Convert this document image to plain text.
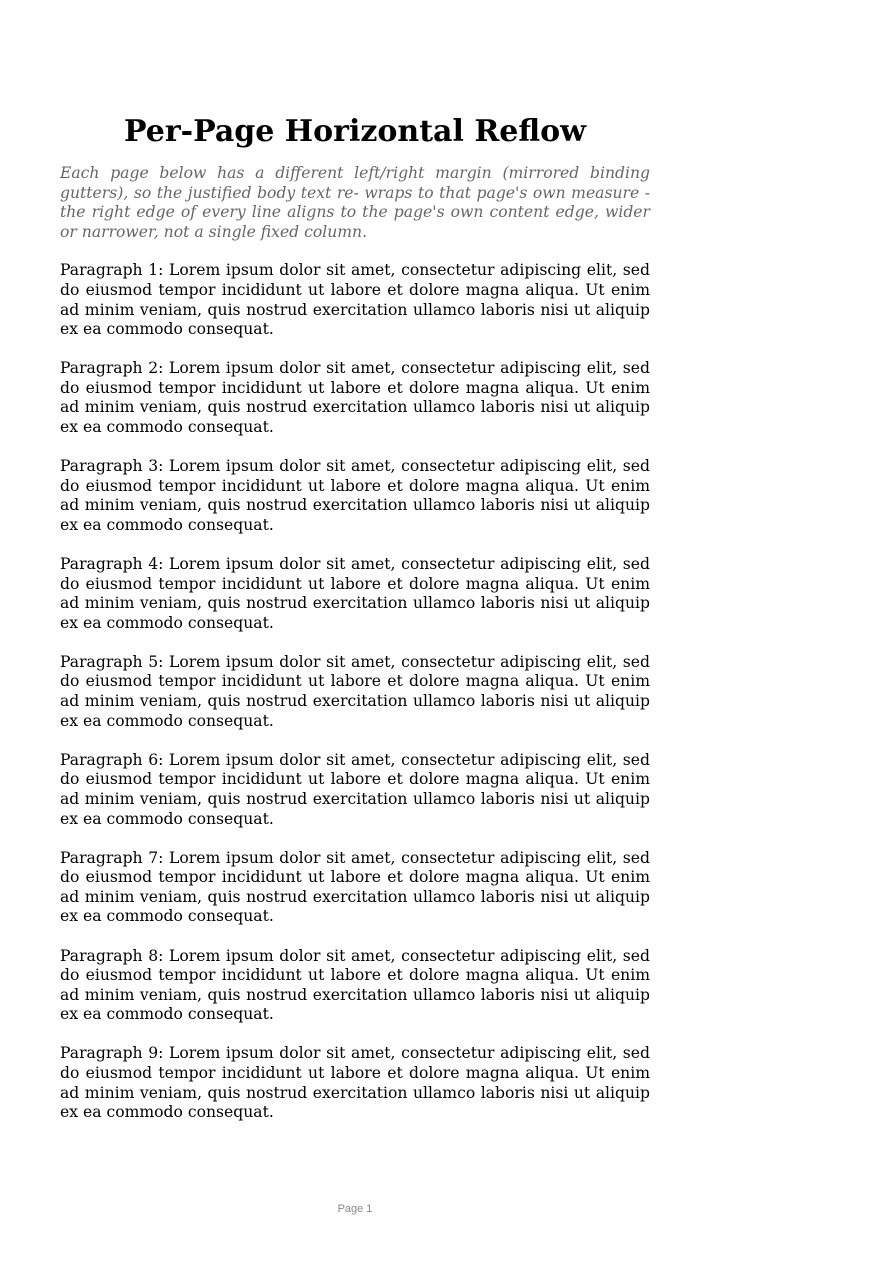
Per-Page Horizontal Reflow

Each page below has a different left/right margin (mirrored binding gutters), so the justified body text re- wraps to that page's own measure - the right edge of every line aligns to the page's own content edge, wider or narrower, not a single fixed column.

Paragraph 1: Lorem ipsum dolor sit amet, consectetur adipiscing elit, sed do eiusmod tempor incididunt ut labore et dolore magna aliqua. Ut enim ad minim veniam, quis nostrud exercitation ullamco laboris nisi ut aliquip ex ea commodo consequat.

Paragraph 2: Lorem ipsum dolor sit amet, consectetur adipiscing elit, sed do eiusmod tempor incididunt ut labore et dolore magna aliqua. Ut enim ad minim veniam, quis nostrud exercitation ullamco laboris nisi ut aliquip ex ea commodo consequat.

Paragraph 3: Lorem ipsum dolor sit amet, consectetur adipiscing elit, sed do eiusmod tempor incididunt ut labore et dolore magna aliqua. Ut enim ad minim veniam, quis nostrud exercitation ullamco laboris nisi ut aliquip ex ea commodo consequat.

Paragraph 4: Lorem ipsum dolor sit amet, consectetur adipiscing elit, sed do eiusmod tempor incididunt ut labore et dolore magna aliqua. Ut enim ad minim veniam, quis nostrud exercitation ullamco laboris nisi ut aliquip ex ea commodo consequat.

Paragraph 5: Lorem ipsum dolor sit amet, consectetur adipiscing elit, sed do eiusmod tempor incididunt ut labore et dolore magna aliqua. Ut enim ad minim veniam, quis nostrud exercitation ullamco laboris nisi ut aliquip ex ea commodo consequat.

Paragraph 6: Lorem ipsum dolor sit amet, consectetur adipiscing elit, sed do eiusmod tempor incididunt ut labore et dolore magna aliqua. Ut enim ad minim veniam, quis nostrud exercitation ullamco laboris nisi ut aliquip ex ea commodo consequat.

Paragraph 7: Lorem ipsum dolor sit amet, consectetur adipiscing elit, sed do eiusmod tempor incididunt ut labore et dolore magna aliqua. Ut enim ad minim veniam, quis nostrud exercitation ullamco laboris nisi ut aliquip ex ea commodo consequat.

Paragraph 8: Lorem ipsum dolor sit amet, consectetur adipiscing elit, sed do eiusmod tempor incididunt ut labore et dolore magna aliqua. Ut enim ad minim veniam, quis nostrud exercitation ullamco laboris nisi ut aliquip ex ea commodo consequat.

Paragraph 9: Lorem ipsum dolor sit amet, consectetur adipiscing elit, sed do eiusmod tempor incididunt ut labore et dolore magna aliqua. Ut enim ad minim veniam, quis nostrud exercitation ullamco laboris nisi ut aliquip ex ea commodo consequat.

Page 1
